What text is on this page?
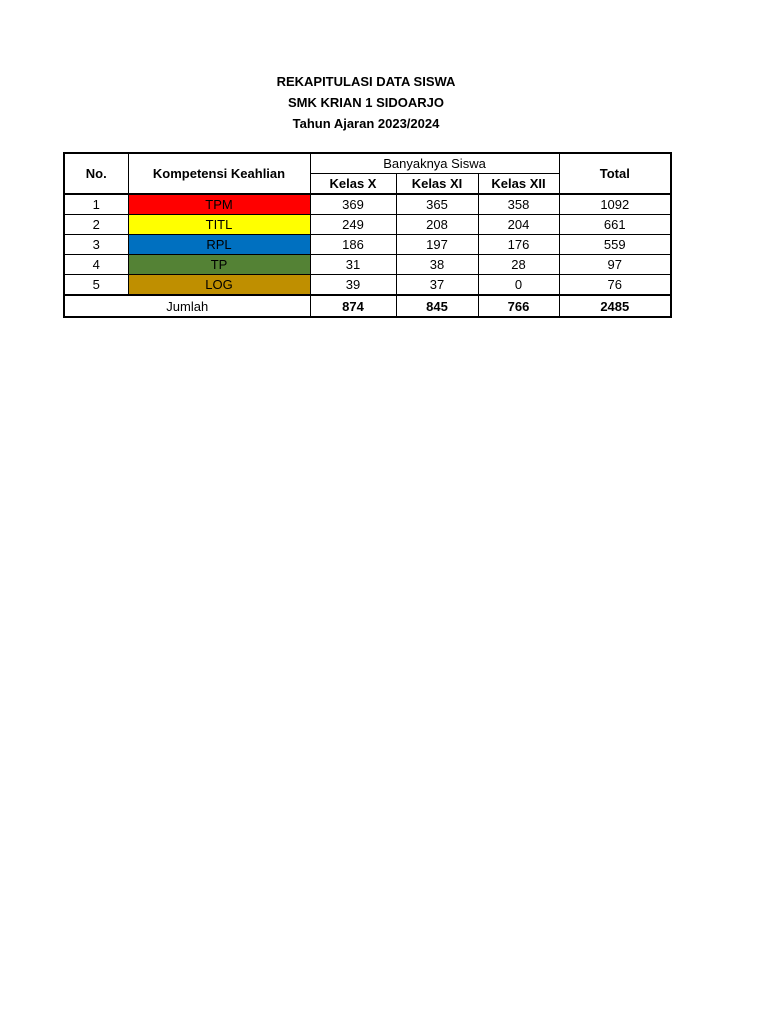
REKAPITULASI DATA SISWA
SMK KRIAN 1 SIDOARJO
Tahun Ajaran 2023/2024
No.	Kompetensi Keahlian	Banyaknya Siswa			Total
		Kelas X	Kelas XI	Kelas XII	
1	TPM	369	365	358	1092
2	TITL	249	208	204	661
3	RPL	186	197	176	559
4	TP	31	38	28	97
5	LOG	39	37	0	76
Jumlah		874	845	766	2485
